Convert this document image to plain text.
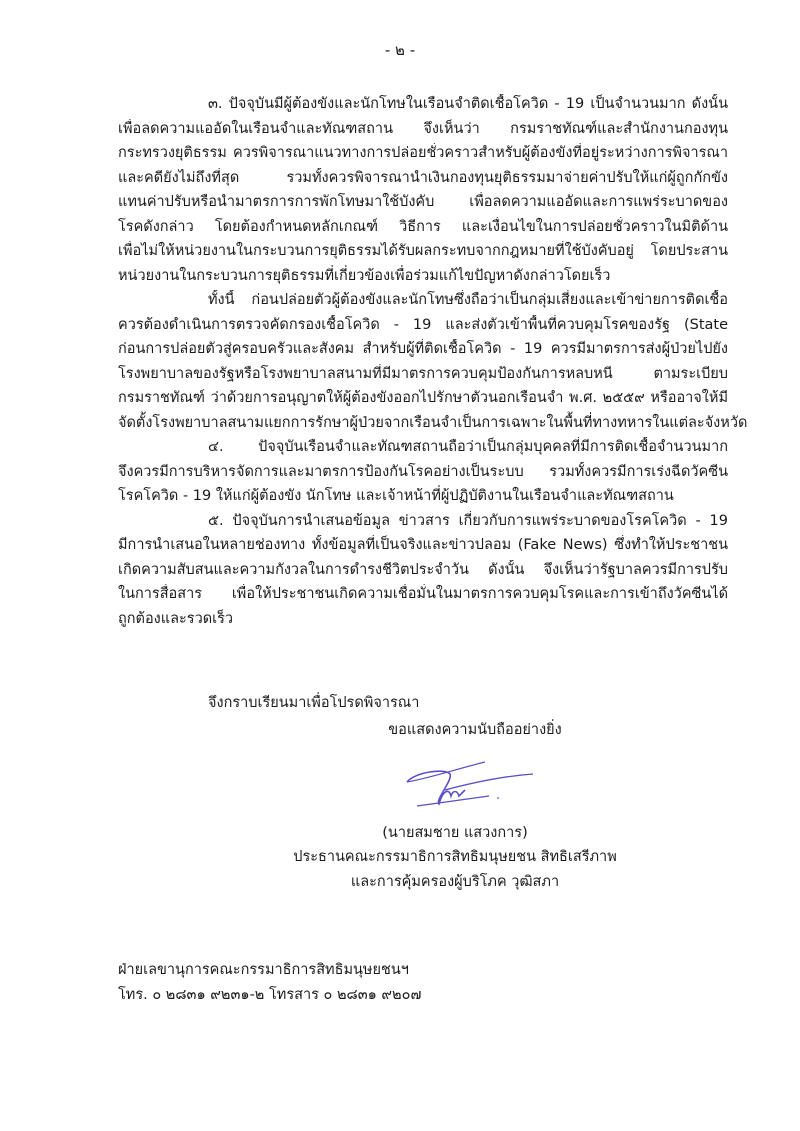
- ๒ -
๓. ปัจจุบันมีผู้ต้องขังและนักโทษในเรือนจำติดเชื้อโควิด - 19 เป็นจำนวนมาก ดังนั้น
เพื่อลดความแออัดในเรือนจำและทัณฑสถาน จึงเห็นว่า กรมราชทัณฑ์และสำนักงานกองทุน
กระทรวงยุติธรรม ควรพิจารณาแนวทางการปล่อยชั่วคราวสำหรับผู้ต้องขังที่อยู่ระหว่างการพิจารณา
และคดียังไม่ถึงที่สุด รวมทั้งควรพิจารณานำเงินกองทุนยุติธรรมมาจ่ายค่าปรับให้แก่ผู้ถูกกักขัง
แทนค่าปรับหรือนำมาตรการการพักโทษมาใช้บังคับ เพื่อลดความแออัดและการแพร่ระบาดของ
โรคดังกล่าว โดยต้องกำหนดหลักเกณฑ์ วิธีการ และเงื่อนไขในการปล่อยชั่วคราวในมิติด้าน
เพื่อไม่ให้หน่วยงานในกระบวนการยุติธรรมได้รับผลกระทบจากกฎหมายที่ใช้บังคับอยู่ โดยประสาน
หน่วยงานในกระบวนการยุติธรรมที่เกี่ยวข้องเพื่อร่วมแก้ไขปัญหาดังกล่าวโดยเร็ว
ทั้งนี้ ก่อนปล่อยตัวผู้ต้องขังและนักโทษซึ่งถือว่าเป็นกลุ่มเสี่ยงและเข้าข่ายการติดเชื้อ
ควรต้องดำเนินการตรวจคัดกรองเชื้อโควิด - 19 และส่งตัวเข้าพื้นที่ควบคุมโรคของรัฐ (State
ก่อนการปล่อยตัวสู่ครอบครัวและสังคม สำหรับผู้ที่ติดเชื้อโควิด - 19 ควรมีมาตรการส่งผู้ป่วยไปยัง
โรงพยาบาลของรัฐหรือโรงพยาบาลสนามที่มีมาตรการควบคุมป้องกันการหลบหนี ตามระเบียบ
กรมราชทัณฑ์ ว่าด้วยการอนุญาตให้ผู้ต้องขังออกไปรักษาตัวนอกเรือนจำ พ.ศ. ๒๕๕๙ หรืออาจให้มี
จัดตั้งโรงพยาบาลสนามแยกการรักษาผู้ป่วยจากเรือนจำเป็นการเฉพาะในพื้นที่ทางทหารในแต่ละจังหวัด
๔. ปัจจุบันเรือนจำและทัณฑสถานถือว่าเป็นกลุ่มบุคคลที่มีการติดเชื้อจำนวนมาก
จึงควรมีการบริหารจัดการและมาตรการป้องกันโรคอย่างเป็นระบบ รวมทั้งควรมีการเร่งฉีดวัคซีน
โรคโควิด - 19 ให้แก่ผู้ต้องขัง นักโทษ และเจ้าหน้าที่ผู้ปฏิบัติงานในเรือนจำและทัณฑสถาน
๕. ปัจจุบันการนำเสนอข้อมูล ข่าวสาร เกี่ยวกับการแพร่ระบาดของโรคโควิด - 19
มีการนำเสนอในหลายช่องทาง ทั้งข้อมูลที่เป็นจริงและข่าวปลอม (Fake News) ซึ่งทำให้ประชาชน
เกิดความสับสนและความกังวลในการดำรงชีวิตประจำวัน ดังนั้น จึงเห็นว่ารัฐบาลควรมีการปรับ
ในการสื่อสาร เพื่อให้ประชาชนเกิดความเชื่อมั่นในมาตรการควบคุมโรคและการเข้าถึงวัคซีนได้
ถูกต้องและรวดเร็ว
จึงกราบเรียนมาเพื่อโปรดพิจารณา
ขอแสดงความนับถืออย่างยิ่ง
(นายสมชาย แสวงการ)
ประธานคณะกรรมาธิการสิทธิมนุษยชน สิทธิเสรีภาพ
และการคุ้มครองผู้บริโภค วุฒิสภา
ฝ่ายเลขานุการคณะกรรมาธิการสิทธิมนุษยชนฯ
โทร. ๐ ๒๘๓๑ ๙๒๓๑-๒ โทรสาร ๐ ๒๘๓๑ ๙๒๐๗
